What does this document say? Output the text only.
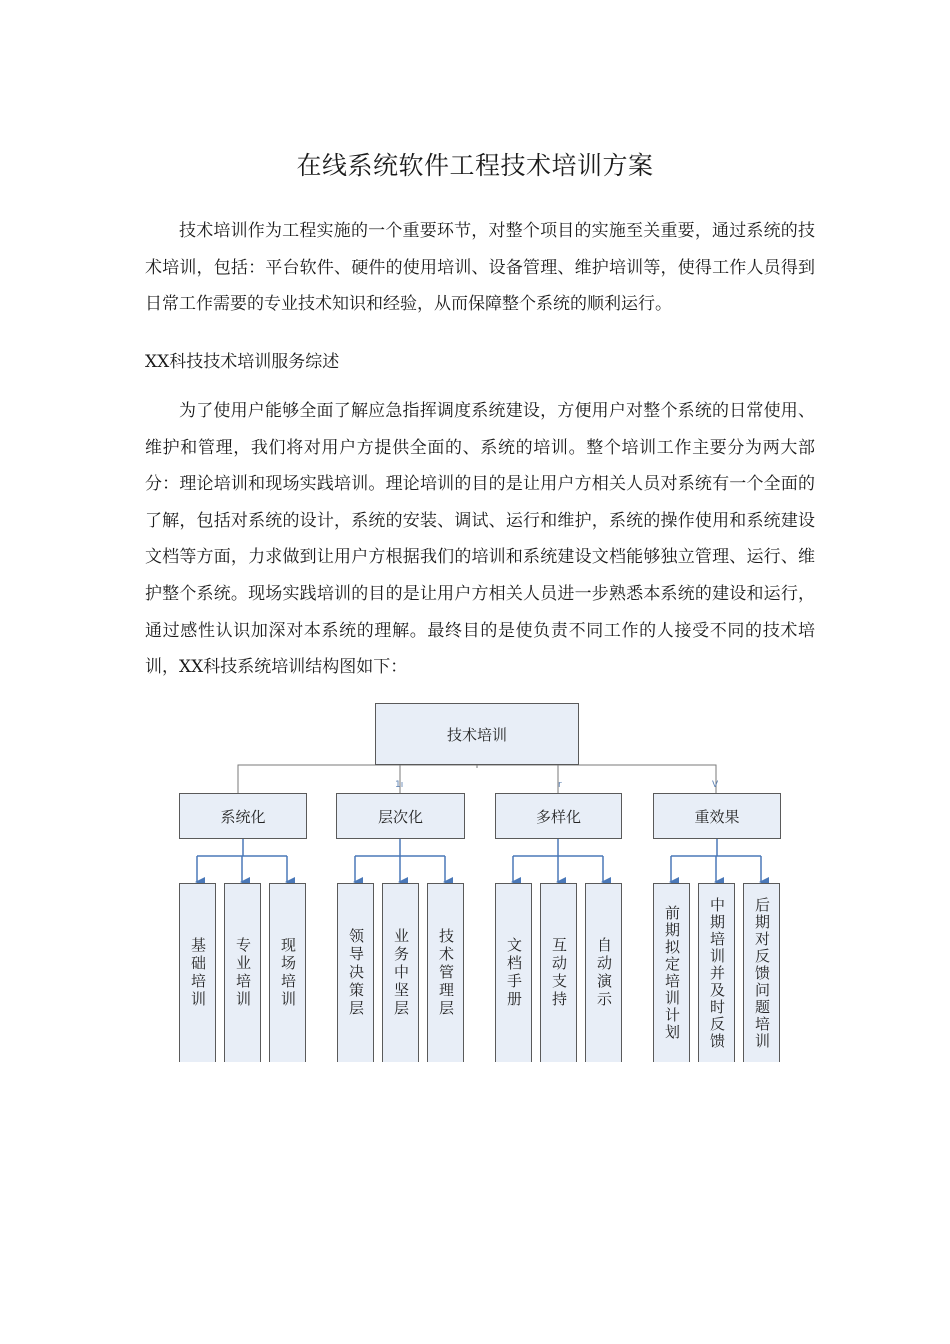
在线系统软件工程技术培训方案

技术培训作为工程实施的一个重要环节，对整个项目的实施至关重要，通过系统的技术培训，包括：平台软件、硬件的使用培训、设备管理、维护培训等，使得工作人员得到日常工作需要的专业技术知识和经验，从而保障整个系统的顺利运行。

XX科技技术培训服务综述

为了使用户能够全面了解应急指挥调度系统建设，方便用户对整个系统的日常使用、维护和管理，我们将对用户方提供全面的、系统的培训。整个培训工作主要分为两大部分：理论培训和现场实践培训。理论培训的目的是让用户方相关人员对系统有一个全面的了解，包括对系统的设计，系统的安装、调试、运行和维护，系统的操作使用和系统建设文档等方面，力求做到让用户方根据我们的培训和系统建设文档能够独立管理、运行、维护整个系统。现场实践培训的目的是让用户方相关人员进一步熟悉本系统的建设和运行，通过感性认识加深对本系统的理解。最终目的是使负责不同工作的人接受不同的技术培训，XX科技系统培训结构图如下：

1ı	r	V
技术培训
系统化	层次化	多样化	重效果
基础培训 专业培训 现场培训	领导决策层 业务中坚层 技术管理层	文档手册 互动支持 自动演示	前期拟定培训计划 中期培训并及时反馈 后期对反馈问题培训
